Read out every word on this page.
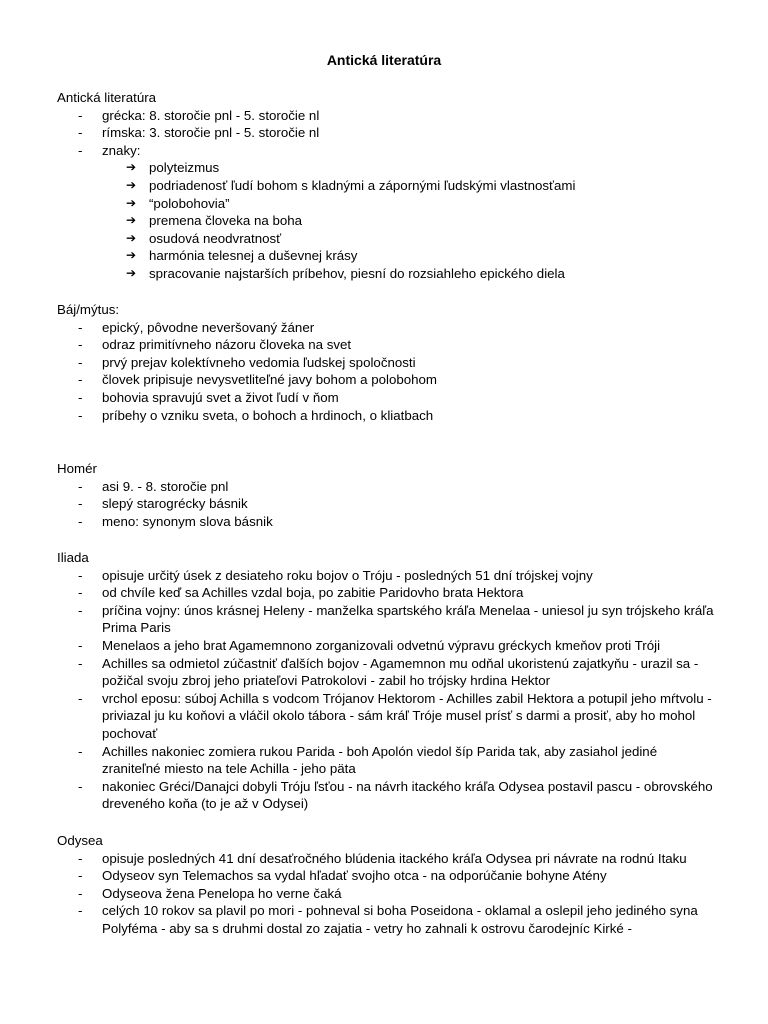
Antická literatúra
Antická literatúra
- grécka: 8. storočie pnl - 5. storočie nl
- rímska: 3. storočie pnl - 5. storočie nl
- znaky:
➔ polyteizmus
➔ podriadenosť ľudí bohom s kladnými a zápornými ľudskými vlastnosťami
➔ “polobohovia”
➔ premena človeka na boha
➔ osudová neodvratnosť
➔ harmónia telesnej a duševnej krásy
➔ spracovanie najstarších príbehov, piesní do rozsiahleho epického diela
Báj/mýtus:
- epický, pôvodne neveršovaný žáner
- odraz primitívneho názoru človeka na svet
- prvý prejav kolektívneho vedomia ľudskej spoločnosti
- človek pripisuje nevysvetliteľné javy bohom a polobohom
- bohovia spravujú svet a život ľudí v ňom
- príbehy o vzniku sveta, o bohoch a hrdinoch, o kliatbach
Homér
- asi 9. - 8. storočie pnl
- slepý starogrécky básnik
- meno: synonym slova básnik
Iliada
- opisuje určitý úsek z desiateho roku bojov o Tróju - posledných 51 dní trójskej vojny
- od chvíle keď sa Achilles vzdal boja, po zabitie Paridovho brata Hektora
- príčina vojny: únos krásnej Heleny - manželka spartského kráľa Menelaa - uniesol ju syn trójskeho kráľa Prima Paris
- Menelaos a jeho brat Agamemnono zorganizovali odvetnú výpravu gréckych kmeňov proti Tróji
- Achilles sa odmietol zúčastniť ďalších bojov - Agamemnon mu odňal ukoristenú zajatkyňu - urazil sa - požičal svoju zbroj jeho priateľovi Patrokolovi - zabil ho trójsky hrdina Hektor
- vrchol eposu: súboj Achilla s vodcom Trójanov Hektorom - Achilles zabil Hektora a potupil jeho mŕtvolu - priviazal ju ku koňovi a vláčil okolo tábora - sám kráľ Tróje musel prísť s darmi a prosiť, aby ho mohol pochovať
- Achilles nakoniec zomiera rukou Parida - boh Apolón viedol šíp Parida tak, aby zasiahol jediné zraniteľné miesto na tele Achilla - jeho päta
- nakoniec Gréci/Danajci dobyli Tróju ľsťou - na návrh itackého kráľa Odysea postavil pascu - obrovského dreveného koňa (to je až v Odysei)
Odysea
- opisuje posledných 41 dní desaťročného blúdenia itackého kráľa Odysea pri návrate na rodnú Itaku
- Odyseov syn Telemachos sa vydal hľadať svojho otca - na odporúčanie bohyne Atény
- Odyseova žena Penelopa ho verne čaká
- celých 10 rokov sa plavil po mori - pohneval si boha Poseidona - oklamal a oslepil jeho jediného syna Polyféma - aby sa s druhmi dostal zo zajatia - vetry ho zahnali k ostrovu čarodejníc Kirké -
